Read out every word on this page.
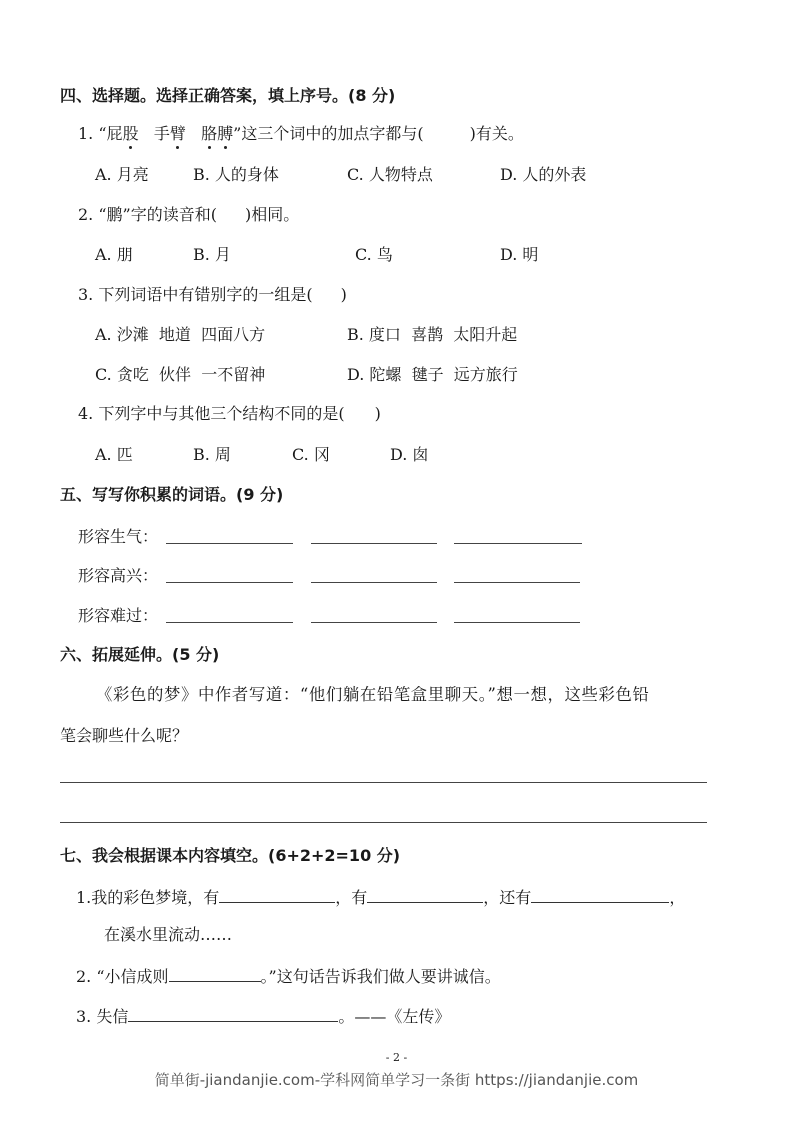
四、选择题。选择正确答案，填上序号。(8 分)
1. “屁股 手臂 胳膊”这三个词中的加点字都与(	)有关。
A. 月亮	B. 人的身体	C. 人物特点	D. 人的外表
2. “鹏”字的读音和( )相同。
A. 朋	B. 月	C. 鸟	D. 明
3. 下列词语中有错别字的一组是( )
A. 沙滩  地道  四面八方	B. 度口  喜鹊  太阳升起
C. 贪吃  伙伴  一不留神	D. 陀螺  毽子  远方旅行
4. 下列字中与其他三个结构不同的是( )
A. 匹	B. 周	C. 冈	D. 囱
五、写写你积累的词语。(9 分)
形容生气：
形容高兴：
形容难过：
六、拓展延伸。(5 分)
《彩色的梦》中作者写道：“他们躺在铅笔盒里聊天。”想一想，这些彩色铅
笔会聊些什么呢？
七、我会根据课本内容填空。(6+2+2=10 分)
1.我的彩色梦境，有	，有	，还有	，
在溪水里流动……
2. “小信成则	。”这句话告诉我们做人要讲诚信。
3. 失信	。——《左传》
- 2 -
简单街-jiandanjie.com-学科网简单学习一条街 https://jiandanjie.com
